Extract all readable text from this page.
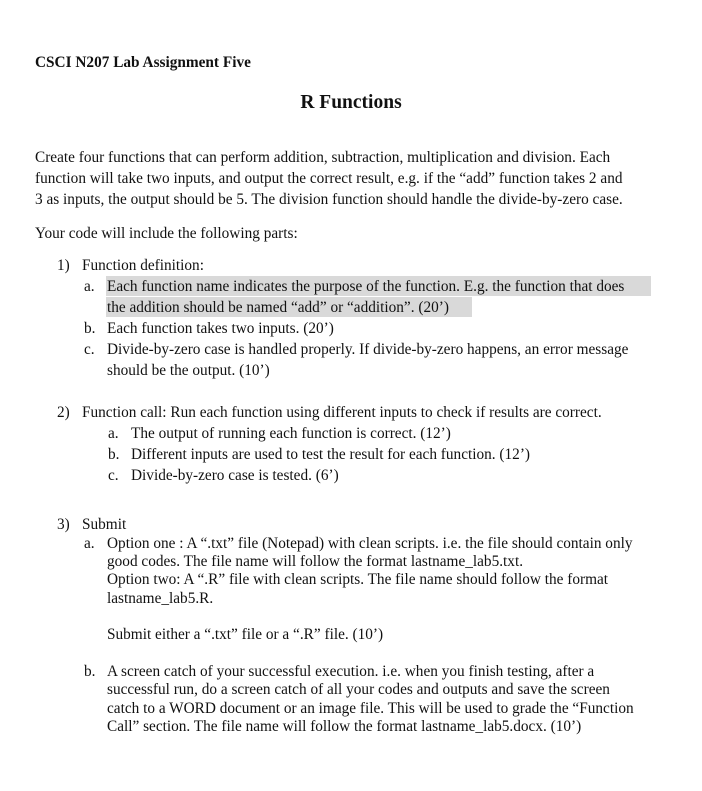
CSCI N207 Lab Assignment Five
R Functions
Create four functions that can perform addition, subtraction, multiplication and division. Each
function will take two inputs, and output the correct result, e.g. if the “add” function takes 2 and
3 as inputs, the output should be 5. The division function should handle the divide-by-zero case.
Your code will include the following parts:
1) Function definition:
a. Each function name indicates the purpose of the function. E.g. the function that does
the addition should be named “add” or “addition”. (20’)
b. Each function takes two inputs. (20’)
c. Divide-by-zero case is handled properly. If divide-by-zero happens, an error message
should be the output. (10’)
2) Function call: Run each function using different inputs to check if results are correct.
a. The output of running each function is correct. (12’)
b. Different inputs are used to test the result for each function. (12’)
c. Divide-by-zero case is tested. (6’)
3) Submit
a. Option one : A “.txt” file (Notepad) with clean scripts. i.e. the file should contain only
good codes. The file name will follow the format lastname_lab5.txt.
Option two: A “.R” file with clean scripts. The file name should follow the format
lastname_lab5.R.
Submit either a “.txt” file or a “.R” file. (10’)
b. A screen catch of your successful execution. i.e. when you finish testing, after a
successful run, do a screen catch of all your codes and outputs and save the screen
catch to a WORD document or an image file. This will be used to grade the “Function
Call” section. The file name will follow the format lastname_lab5.docx. (10’)
